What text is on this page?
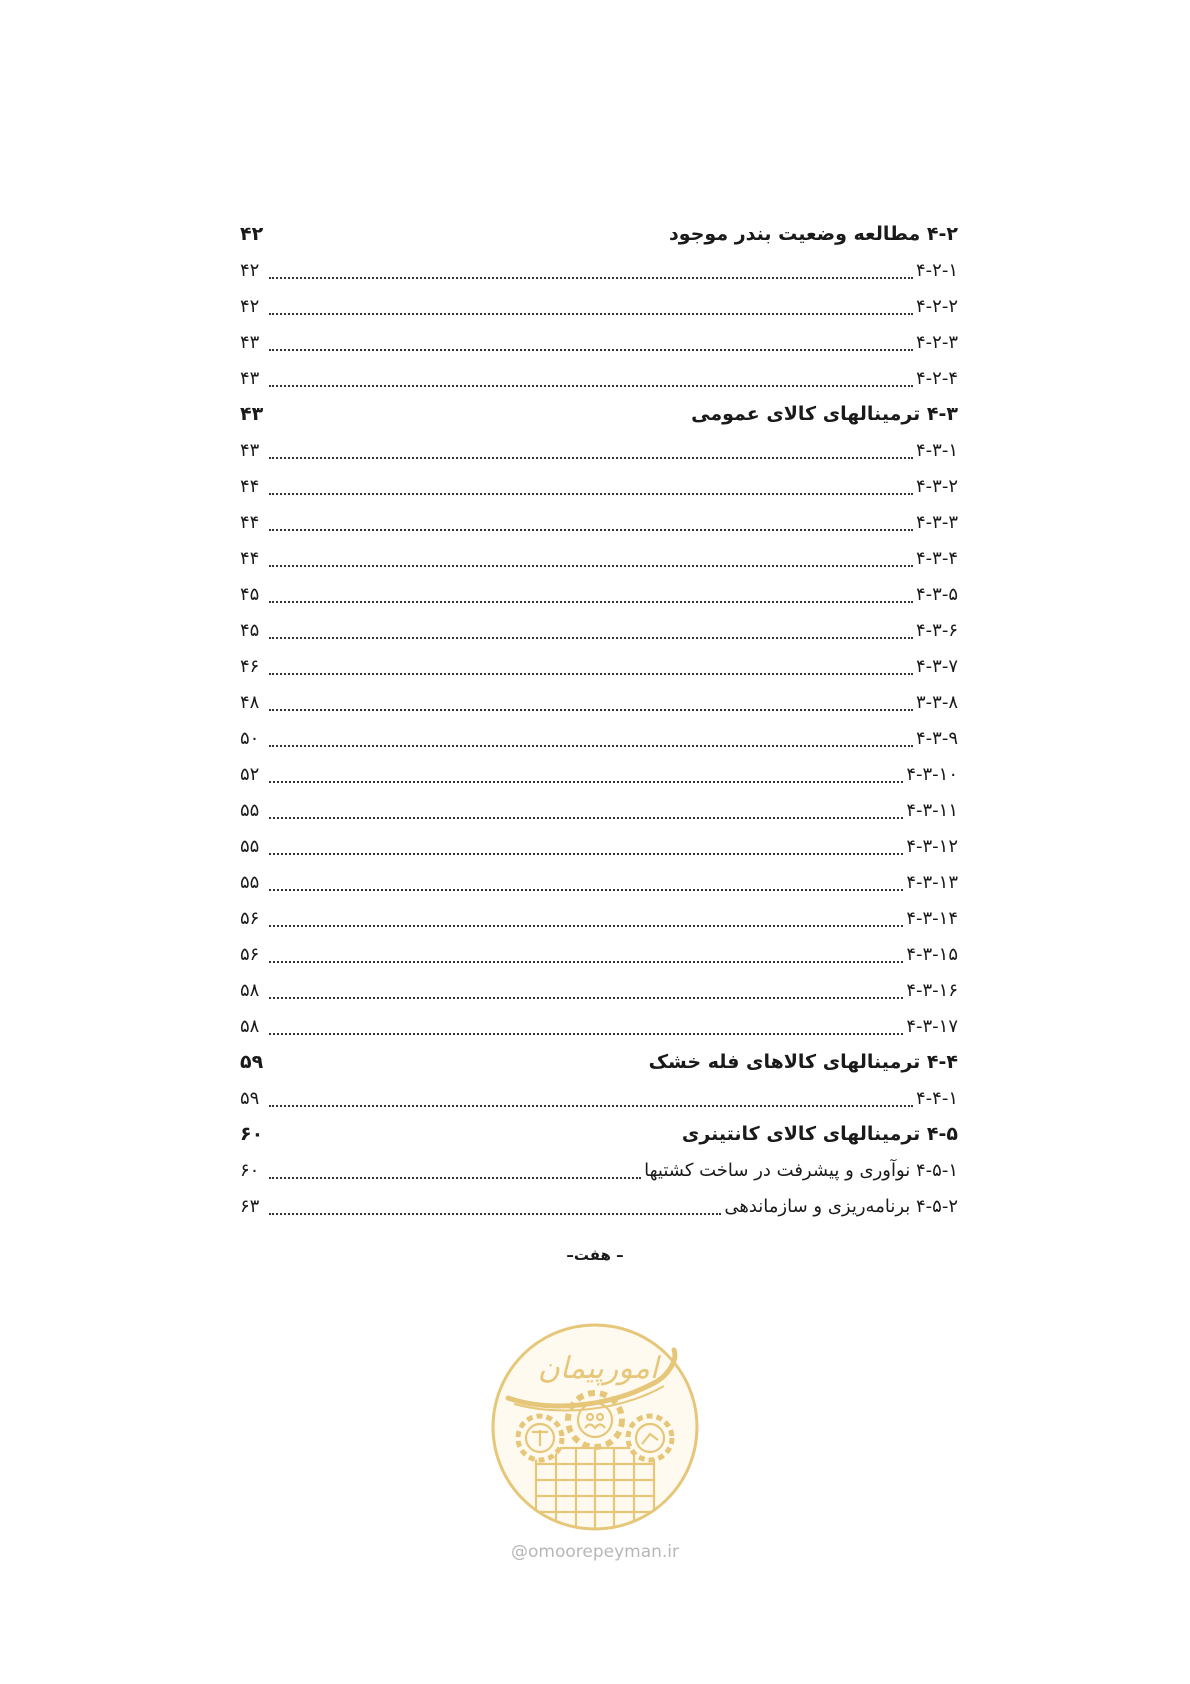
۴-۲ مطالعه وضعیت بندر موجود
۴۲
۴-۲-۱
۴۲
۴-۲-۲
۴۲
۴-۲-۳
۴۳
۴-۲-۴
۴۳
۴-۳ ترمینالهای کالای عمومی
۴۳
۴-۳-۱
۴۳
۴-۳-۲
۴۴
۴-۳-۳
۴۴
۴-۳-۴
۴۴
۴-۳-۵
۴۵
۴-۳-۶
۴۵
۴-۳-۷
۴۶
۳-۳-۸
۴۸
۴-۳-۹
۵۰
۴-۳-۱۰
۵۲
۴-۳-۱۱
۵۵
۴-۳-۱۲
۵۵
۴-۳-۱۳
۵۵
۴-۳-۱۴
۵۶
۴-۳-۱۵
۵۶
۴-۳-۱۶
۵۸
۴-۳-۱۷
۵۸
۴-۴ ترمینالهای کالاهای فله خشک
۵۹
۴-۴-۱
۵۹
۴-۵ ترمینالهای کالای کانتینری
۶۰
۴-۵-۱ نوآوری و پیشرفت در ساخت کشتیها
۶۰
۴-۵-۲ برنامه‌ریزی و سازماندهی
۶۳
– هفت–
امورپیمان
@omoorepeyman.ir
